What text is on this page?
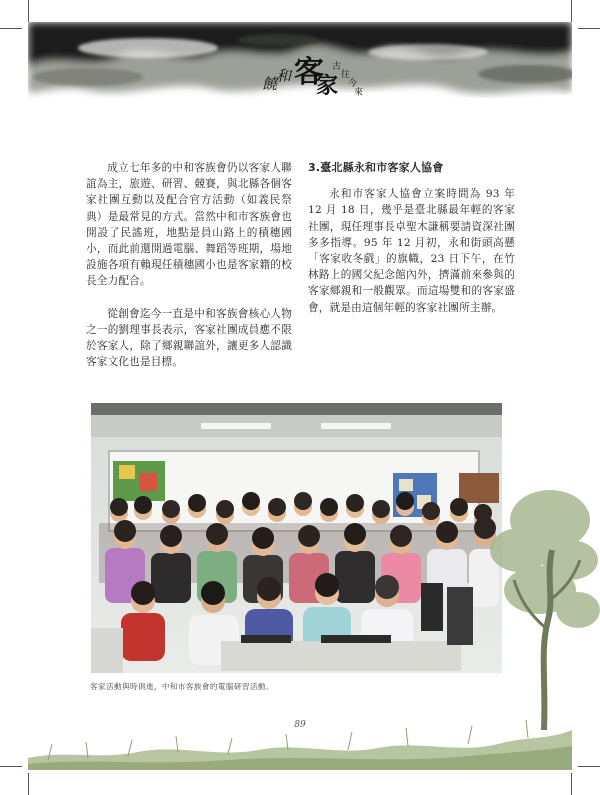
饒
和 客
家
古
往
今
來

成立七年多的中和客族會仍以客家人聯誼為主，旅遊、研習、競賽，與北縣各個客家社團互動以及配合官方活動（如義民祭典）是最常見的方式。當然中和市客族會也開設了民謠班，地點是員山路上的積穗國小，而此前還開過電腦、舞蹈等班期，場地設施各項有賴現任積穗國小也是客家籍的校長全力配合。

從創會迄今一直是中和客族會核心人物之一的劉理事長表示，客家社團成員應不限於客家人，除了鄉親聯誼外，讓更多人認識客家文化也是目標。

3.臺北縣永和市客家人協會

永和市客家人協會立案時間為 93 年 12 月 18 日，幾乎是臺北縣最年輕的客家社團，現任理事長卓聖木謙稱要請資深社團多多指導。95 年 12 月初，永和街頭高懸「客家收冬戲」的旗幟，23 日下午，在竹林路上的國父紀念館內外，擠滿前來參與的客家鄉親和一般觀眾。而這場雙和的客家盛會，就是由這個年輕的客家社團所主辦。

客家活動與時俱進，中和市客族會的電腦研習活動。
89
